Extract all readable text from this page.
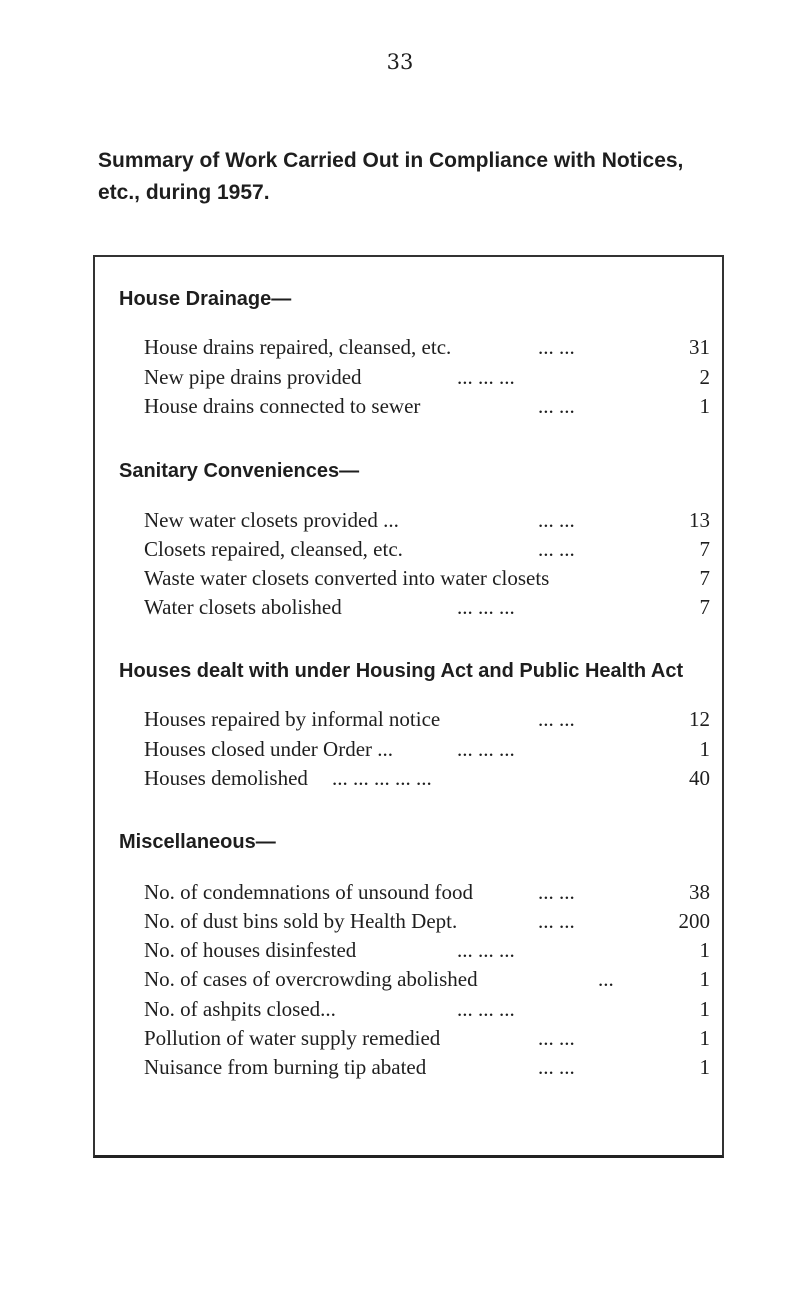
33
Summary of Work Carried Out in Compliance with Notices,
etc., during 1957.
House Drainage—
House drains repaired, cleansed, etc.	... ...	31
New pipe drains provided	... ... ...	2
House drains connected to sewer	... ...	1
Sanitary Conveniences—
New water closets provided ...	... ...	13
Closets repaired, cleansed, etc.	... ...	7
Waste water closets converted into water closets	7
Water closets abolished	... ... ...	7
Houses dealt with under Housing Act and Public Health Act
Houses repaired by informal notice	... ...	12
Houses closed under Order ...	... ... ...	1
Houses demolished ... ... ... ... ...	40
Miscellaneous—
No. of condemnations of unsound food	... ...	38
No. of dust bins sold by Health Dept.	... ...	200
No. of houses disinfested	... ... ...	1
No. of cases of overcrowding abolished	...	1
No. of ashpits closed...	... ... ...	1
Pollution of water supply remedied	... ...	1
Nuisance from burning tip abated	... ...	1
